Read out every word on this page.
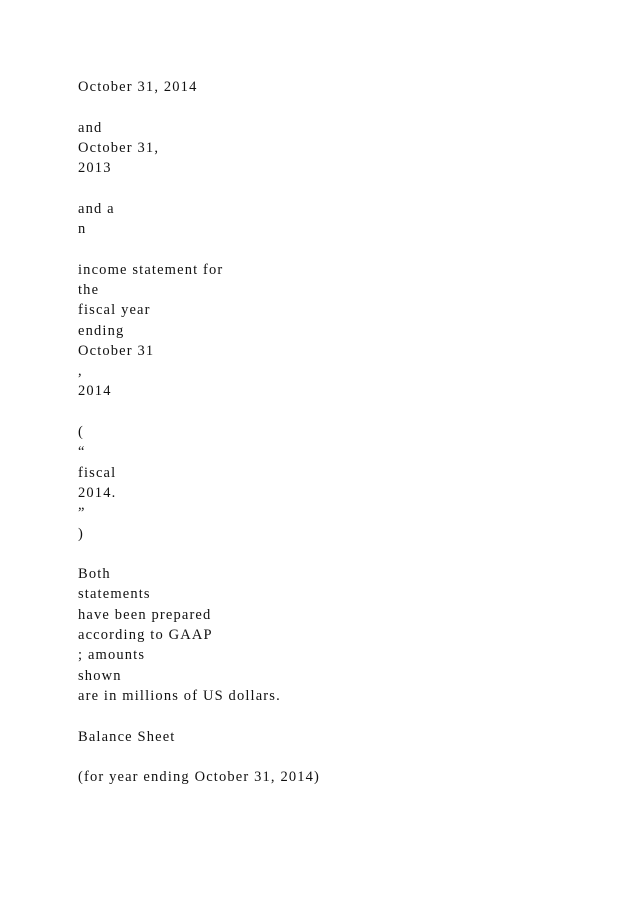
October 31, 2014
and
October 31,
2013
and a
n
income statement for
the
fiscal year
ending
October 31
,
2014
(
“
fiscal
2014.
”
)
Both
statements
have been prepared
according to GAAP
; amounts
shown
are in millions of US dollars.
Balance Sheet
(for year ending October 31, 2014)
